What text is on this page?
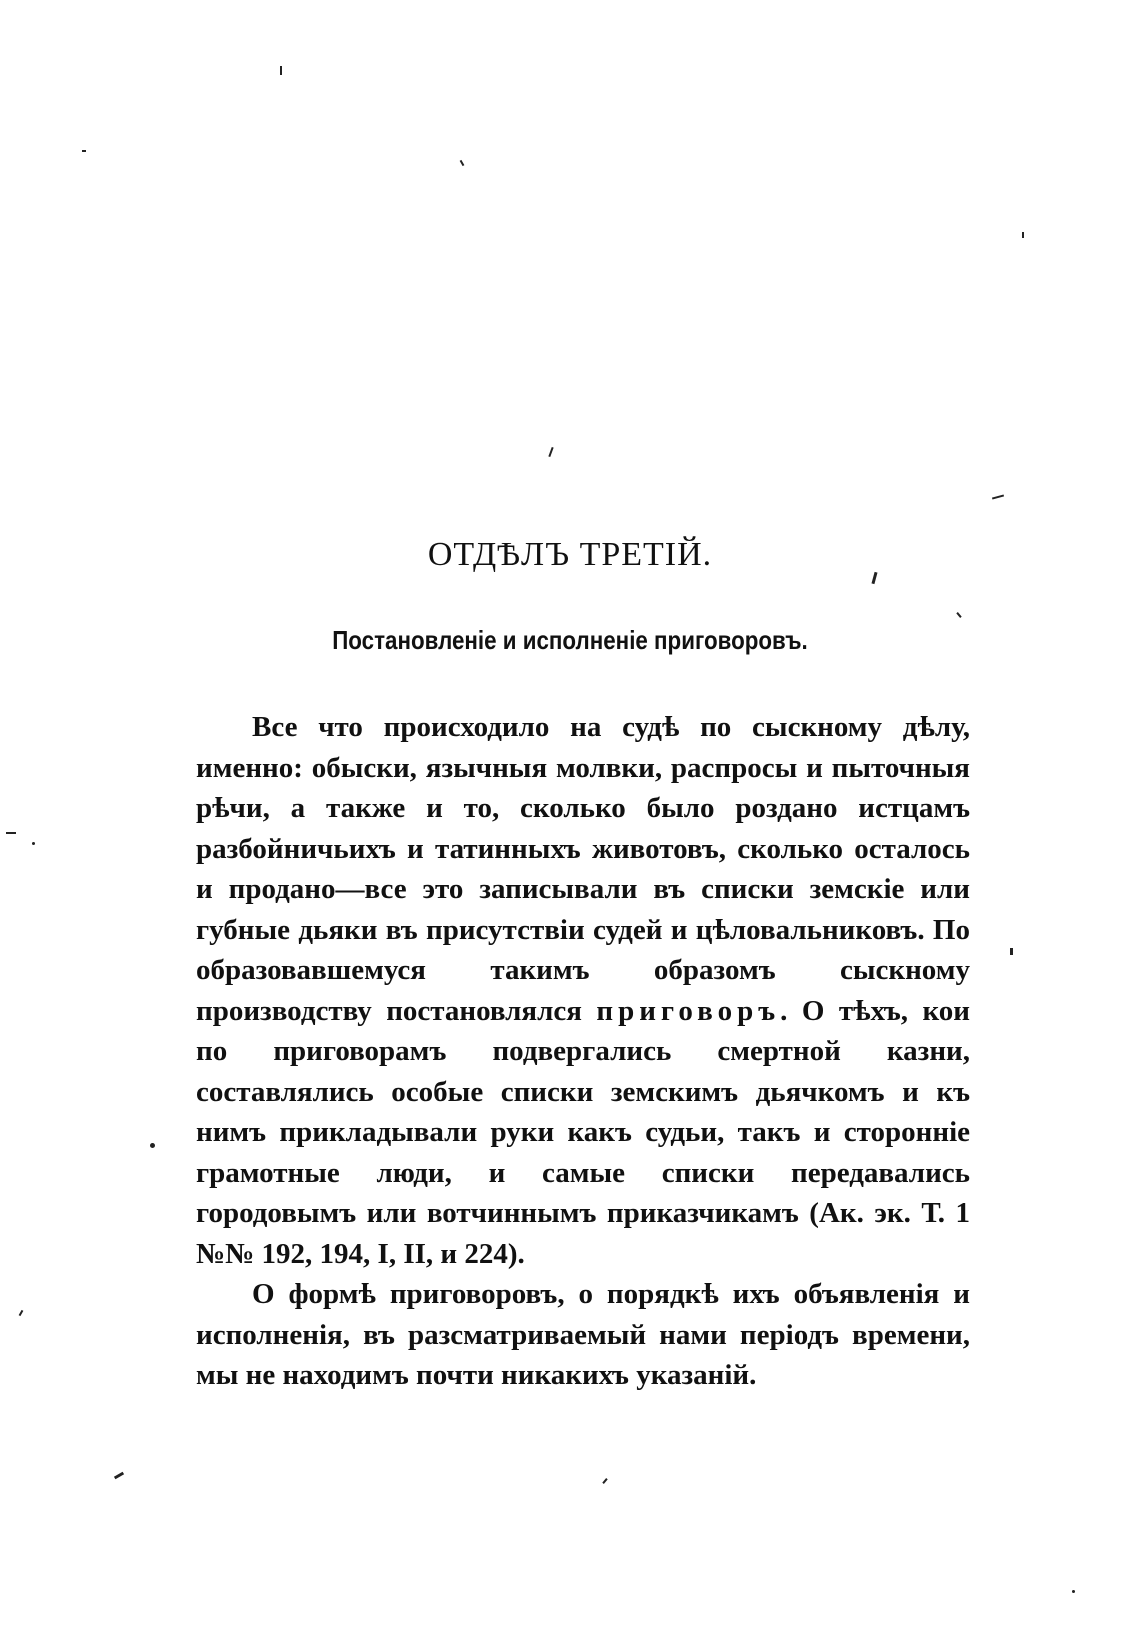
ОТДѢЛЪ ТРЕТІЙ.
Постановленіе и исполненіе приговоровъ.

Все что происходило на судѣ по сыскному дѣлу, именно: обыски, язычныя молвки, распросы и пыточныя рѣчи, а также и то, сколько было роздано истцамъ разбойничьихъ и татинныхъ животовъ, сколько осталось и продано—все это записывали въ списки земскіе или губные дьяки въ присутствіи судей и цѣловальниковъ. По образовавшемуся такимъ образомъ сыскному производству постановлялся приговоръ. О тѣхъ, кои по приговорамъ подвергались смертной казни, составлялись особые списки земскимъ дьячкомъ и къ нимъ прикладывали руки какъ судьи, такъ и сторонніе грамотные люди, и самые списки передавались городовымъ или вотчиннымъ приказчикамъ (Ак. эк. Т. 1 №№ 192, 194, I, II, и 224).

О формѣ приговоровъ, о порядкѣ ихъ объявленія и исполненія, въ разсматриваемый нами періодъ времени, мы не находимъ почти никакихъ указаній.
